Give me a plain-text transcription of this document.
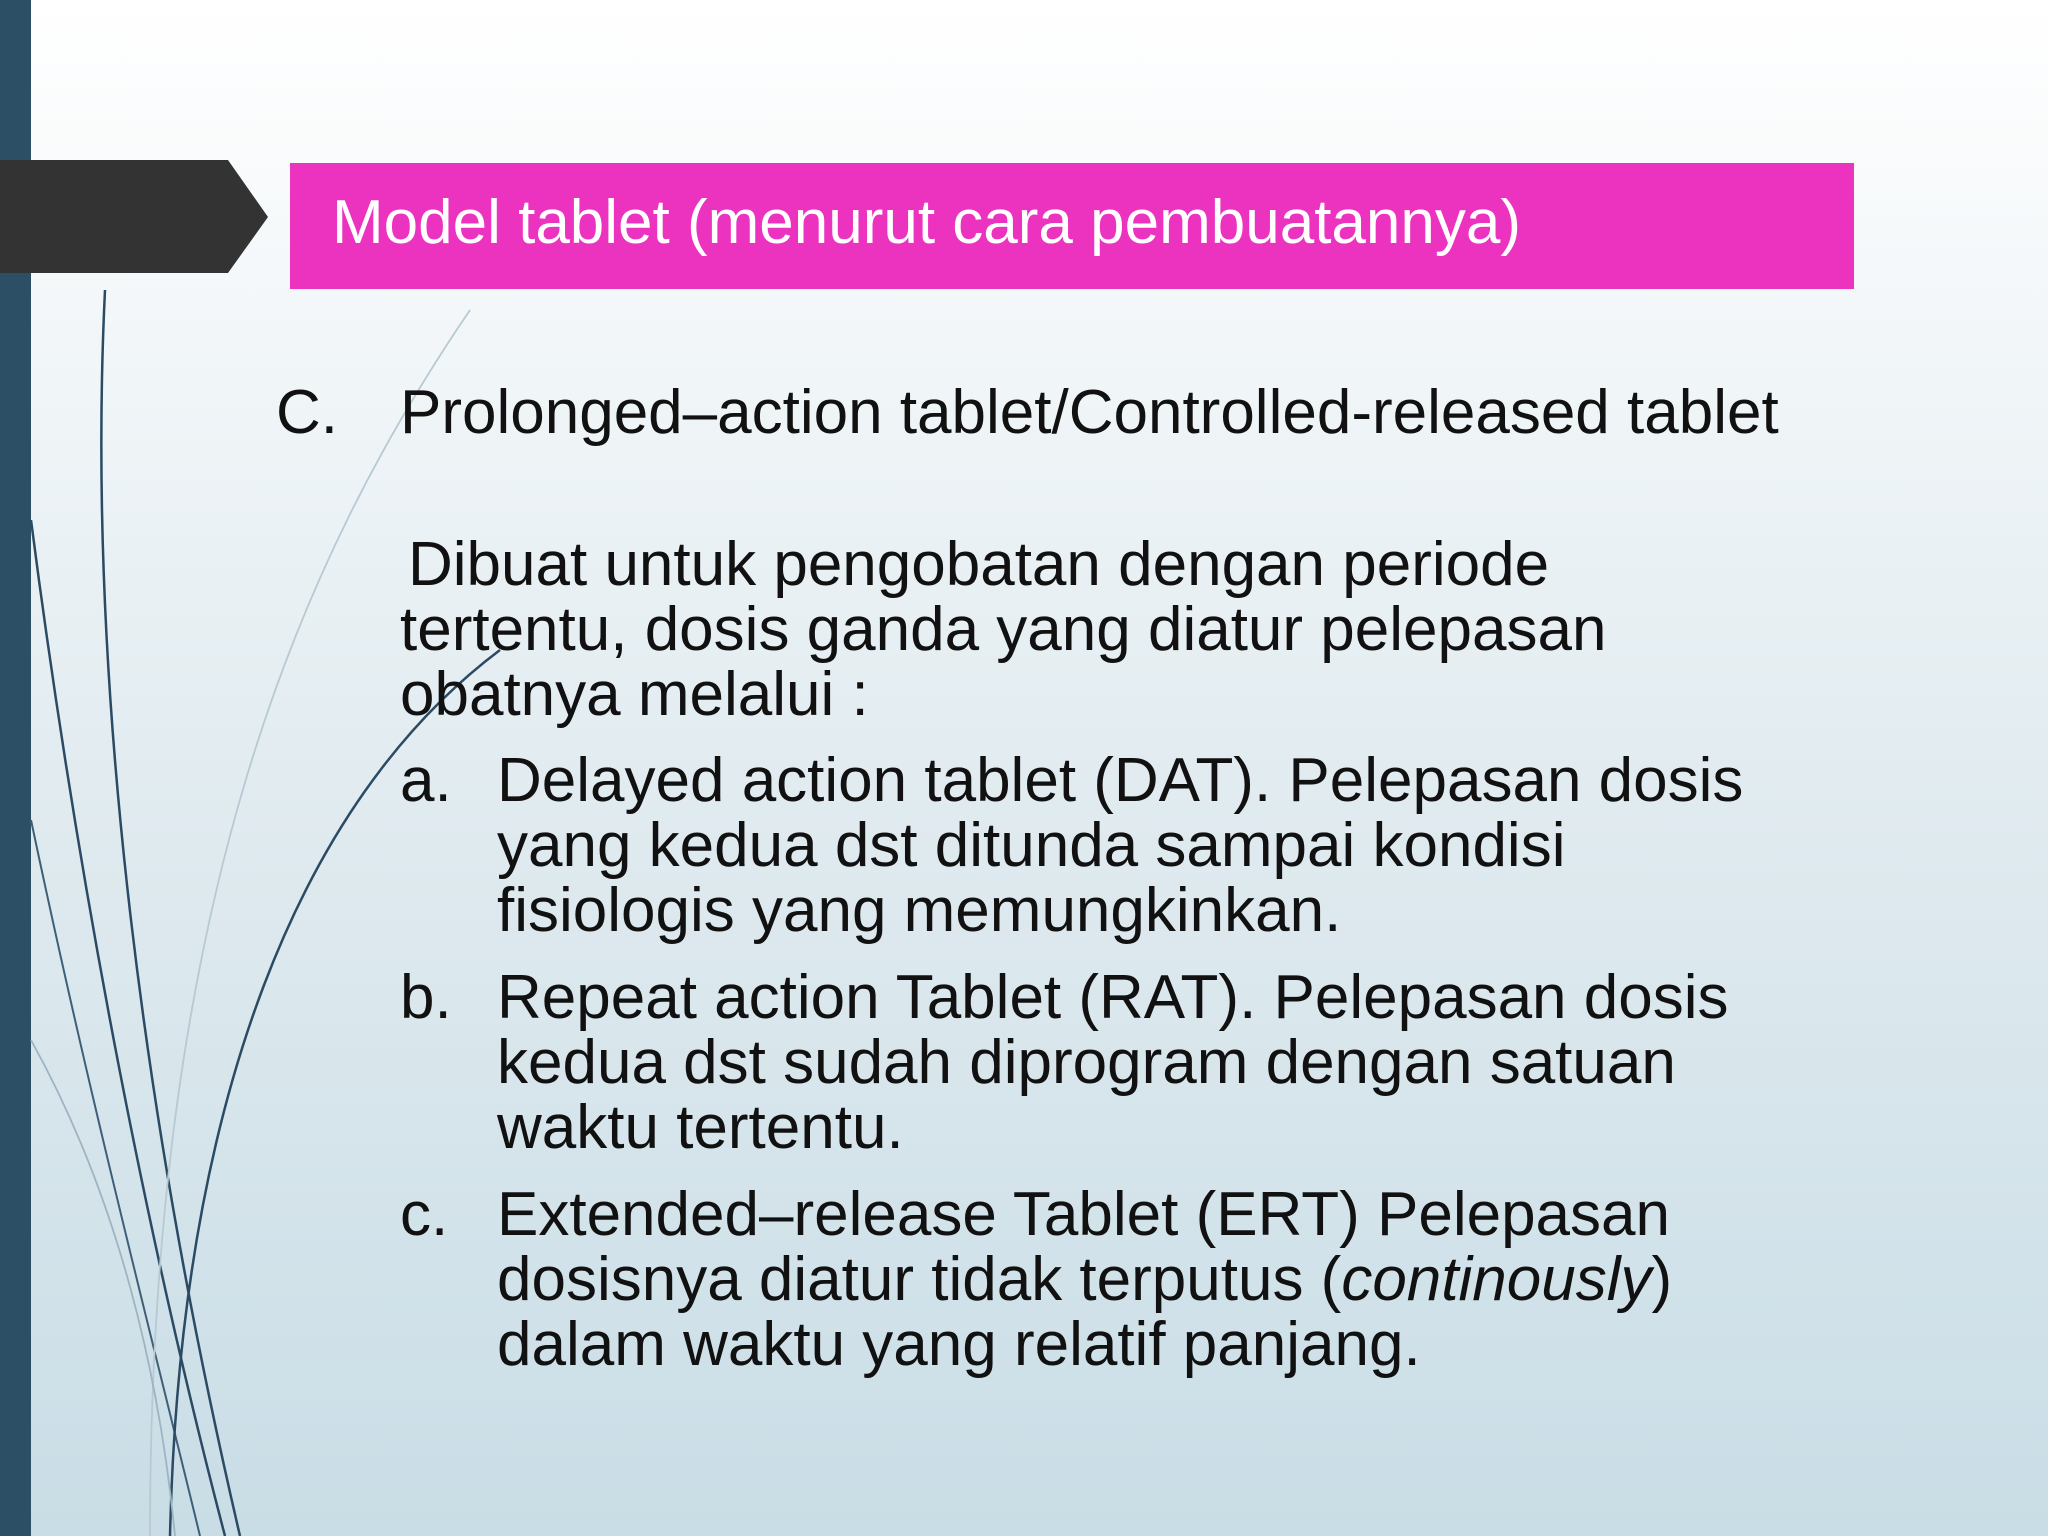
Model tablet (menurut cara pembuatannya)
C. Prolonged–action tablet/Controlled-released tablet
Dibuat untuk pengobatan dengan periode tertentu, dosis ganda yang diatur pelepasan obatnya melalui :
a. Delayed action tablet (DAT). Pelepasan dosis yang kedua dst ditunda sampai kondisi fisiologis yang memungkinkan.
b. Repeat action Tablet (RAT). Pelepasan dosis kedua dst sudah diprogram dengan satuan waktu tertentu.
c. Extended–release Tablet (ERT) Pelepasan dosisnya diatur tidak terputus (continously) dalam waktu yang relatif panjang.
